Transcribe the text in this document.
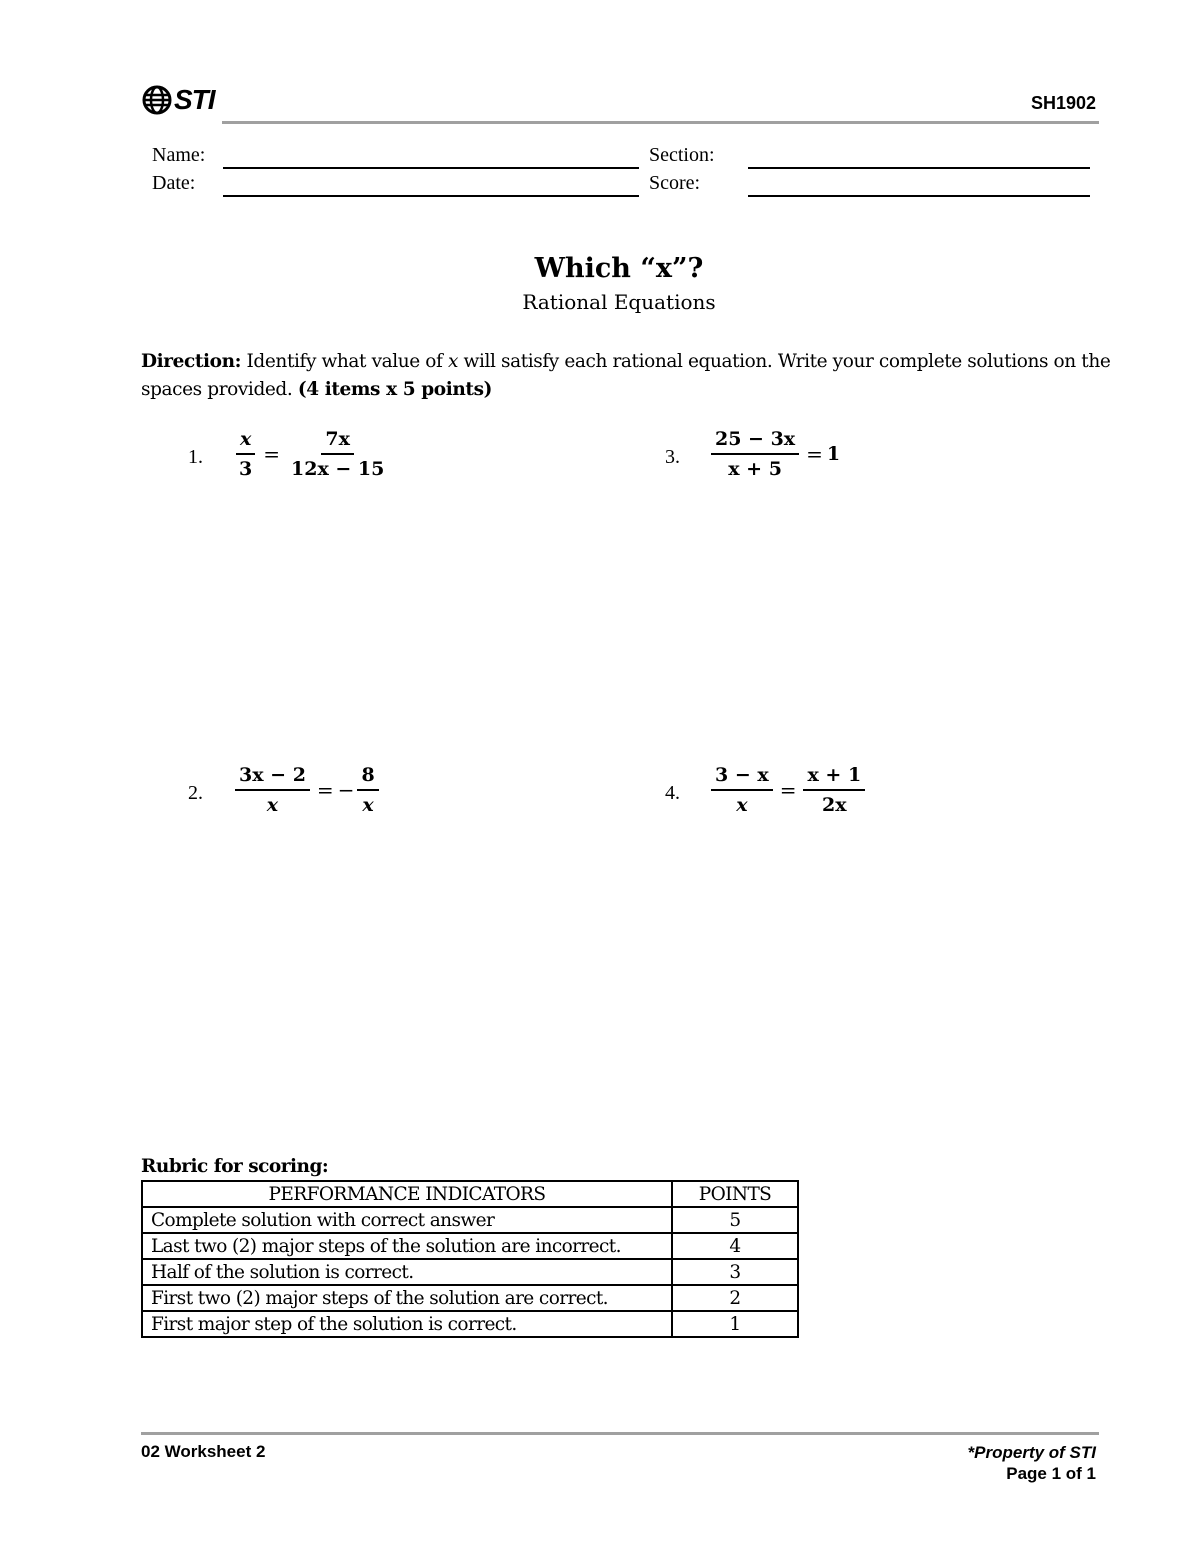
STI	SH1902
Name:	Section:
Date:	Score:
Which “x”?
Rational Equations
Direction: Identify what value of x will satisfy each rational equation. Write your complete solutions on the spaces provided. (4 items x 5 points)
1. $\frac{x}{3} = \frac{7x}{12x - 15}$	3. $\frac{25 - 3x}{x + 5} = 1$
2. $\frac{3x - 2}{x}$ = − $\frac{8}{x}$	4. $\frac{3 - x}{x} = \frac{x + 1}{2x}$
Rubric for scoring:
PERFORMANCE INDICATORS	POINTS
Complete solution with correct answer	5
Last two (2) major steps of the solution are incorrect.	4
Half of the solution is correct.	3
First two (2) major steps of the solution are correct.	2
First major step of the solution is correct.	1
02 Worksheet 2	*Property of STI
Page 1 of 1
